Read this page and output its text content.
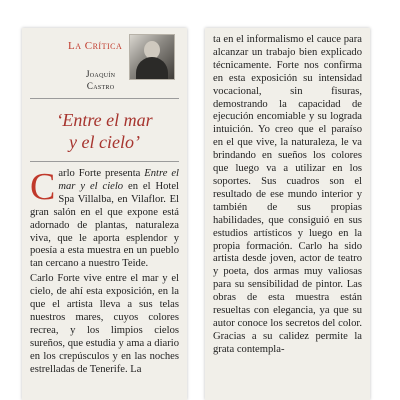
La Crítica
Joaquín
Castro
‘Entre el mar
y el cielo’

Carlo Forte presenta Entre el mar y el cielo en el Hotel Spa Villalba, en Vilaflor. El gran salón en el que expone está adornado de plantas, naturaleza viva, que le aporta esplendor y poesía a esta muestra en un pueblo tan cercano a nuestro Teide.

Carlo Forte vive entre el mar y el cielo, de ahí esta exposición, en la que el artista lleva a sus telas nuestros mares, cuyos colores recrea, y los limpios cielos sureños, que estudia y ama a diario en los crepúsculos y en las noches estrelladas de Tenerife. La

ta en el informalismo el cauce para alcanzar un trabajo bien explicado técnicamente. Forte nos confirma en esta exposición su intensidad vocacional, sin fisuras, demostrando la capacidad de ejecución encomiable y su lograda intuición. Yo creo que el paraíso en el que vive, la naturaleza, le va brindando en sueños los colores que luego va a utilizar en los soportes. Sus cuadros son el resultado de ese mundo interior y también de sus propias habilidades, que consiguió en sus estudios artísticos y luego en la propia formación. Carlo ha sido artista desde joven, actor de teatro y poeta, dos armas muy valiosas para su sensibilidad de pintor. Las obras de esta muestra están resueltas con elegancia, ya que su autor conoce los secretos del color. Gracias a su calidez permite la grata contempla-
